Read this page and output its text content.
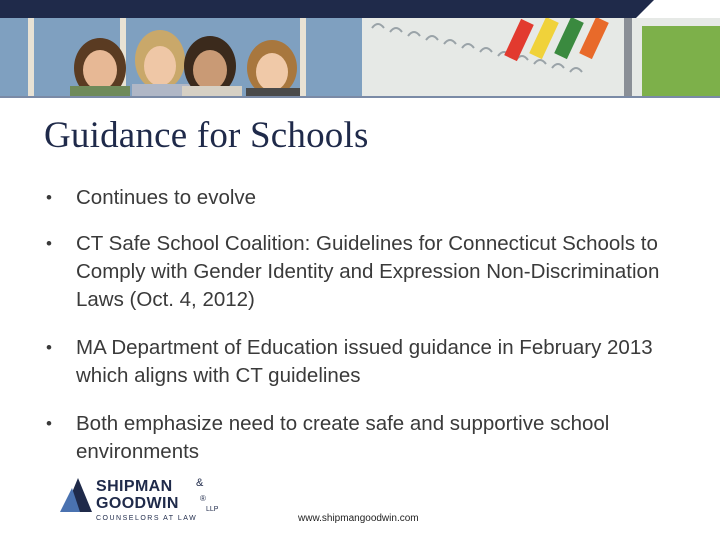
Guidance for Schools
• Continues to evolve
• CT Safe School Coalition: Guidelines for Connecticut Schools to Comply with Gender Identity and Expression Non-Discrimination Laws (Oct. 4, 2012)
• MA Department of Education issued guidance in February 2013 which aligns with CT guidelines
• Both emphasize need to create safe and supportive school environments
SHIPMAN &
GOODWIN	®
LLP
COUNSELORS AT LAW	www.shipmangoodwin.com
